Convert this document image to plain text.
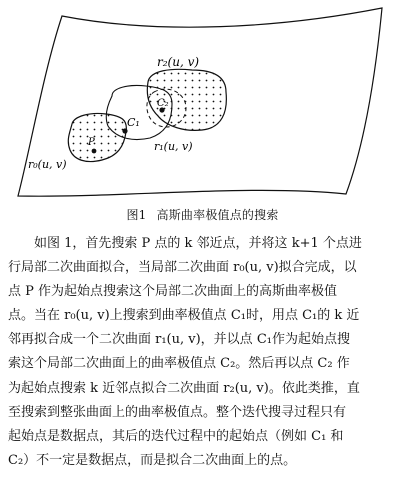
r₂(u, v)
C₂
C₁
r₁(u, v)
P
r₀(u, v)
图1 高斯曲率极值点的搜索
如图 1，首先搜索 P 点的 k 邻近点，并将这 k+1 个点进
行局部二次曲面拟合，当局部二次曲面 r₀(u, v)拟合完成，以
点 P 作为起始点搜索这个局部二次曲面上的高斯曲率极值
点。当在 r₀(u, v)上搜索到曲率极值点 C₁时，用点 C₁的 k 近
邻再拟合成一个二次曲面 r₁(u, v)，并以点 C₁作为起始点搜
索这个局部二次曲面上的曲率极值点 C₂。然后再以点 C₂ 作
为起始点搜索 k 近邻点拟合二次曲面 r₂(u, v)。依此类推，直
至搜索到整张曲面上的曲率极值点。整个迭代搜寻过程只有
起始点是数据点，其后的迭代过程中的起始点（例如 C₁ 和
C₂）不一定是数据点，而是拟合二次曲面上的点。
